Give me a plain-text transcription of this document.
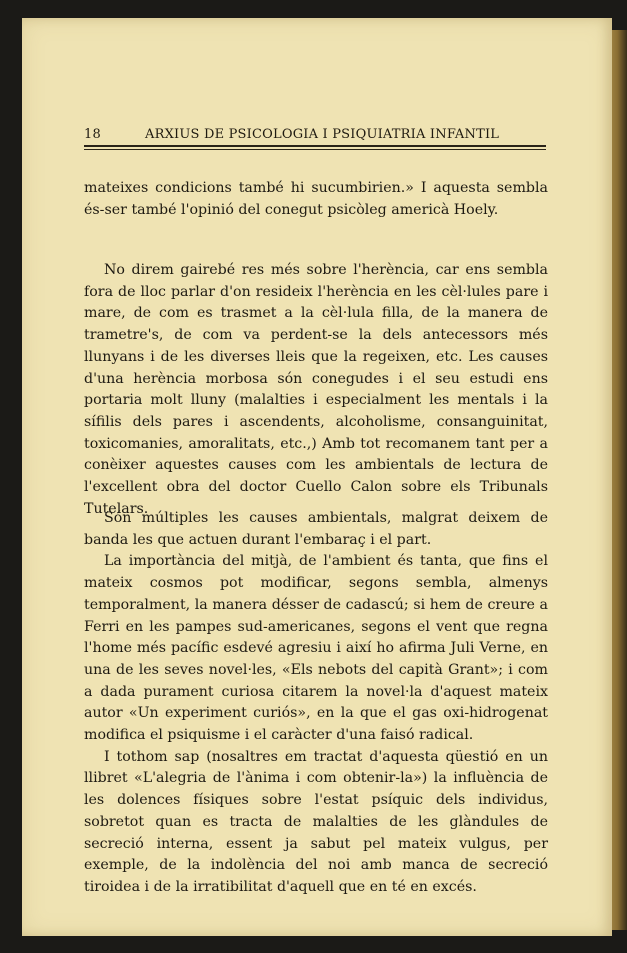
18	ARXIUS DE PSICOLOGIA I PSIQUIATRIA INFANTIL

mateixes condicions també hi sucumbirien.» I aquesta sembla és-ser també l'opinió del conegut psicòleg americà Hoely.

No direm gairebé res més sobre l'herència, car ens sembla fora de lloc parlar d'on resideix l'herència en les cèl·lules pare i mare, de com es trasmet a la cèl·lula filla, de la manera de trametre's, de com va perdent-se la dels antecessors més llunyans i de les diverses lleis que la regeixen, etc. Les causes d'una herència morbosa són conegudes i el seu estudi ens portaria molt lluny (malalties i especialment les mentals i la sífilis dels pares i ascendents, alcoholisme, consanguinitat, toxicomanies, amoralitats, etc.,) Amb tot recomanem tant per a conèixer aquestes causes com les ambientals de lectura de l'excellent obra del doctor Cuello Calon sobre els Tribunals Tutelars.

Són múltiples les causes ambientals, malgrat deixem de banda les que actuen durant l'embaraç i el part.

La importància del mitjà, de l'ambient és tanta, que fins el mateix cosmos pot modificar, segons sembla, almenys temporalment, la manera désser de cadascú; si hem de creure a Ferri en les pampes sud-americanes, segons el vent que regna l'home més pacífic esdevé agresiu i així ho afirma Juli Verne, en una de les seves novel·les, «Els nebots del capità Grant»; i com a dada purament curiosa citarem la novel·la d'aquest mateix autor «Un experiment curiós», en la que el gas oxi-hidrogenat modifica el psiquisme i el caràcter d'una faisó radical.

I tothom sap (nosaltres em tractat d'aquesta qüestió en un llibret «L'alegria de l'ànima i com obtenir-la») la influència de les dolences físiques sobre l'estat psíquic dels individus, sobretot quan es tracta de malalties de les glàndules de secreció interna, essent ja sabut pel mateix vulgus, per exemple, de la indolència del noi amb manca de secreció tiroidea i de la irratibilitat d'aquell que en té en excés.
